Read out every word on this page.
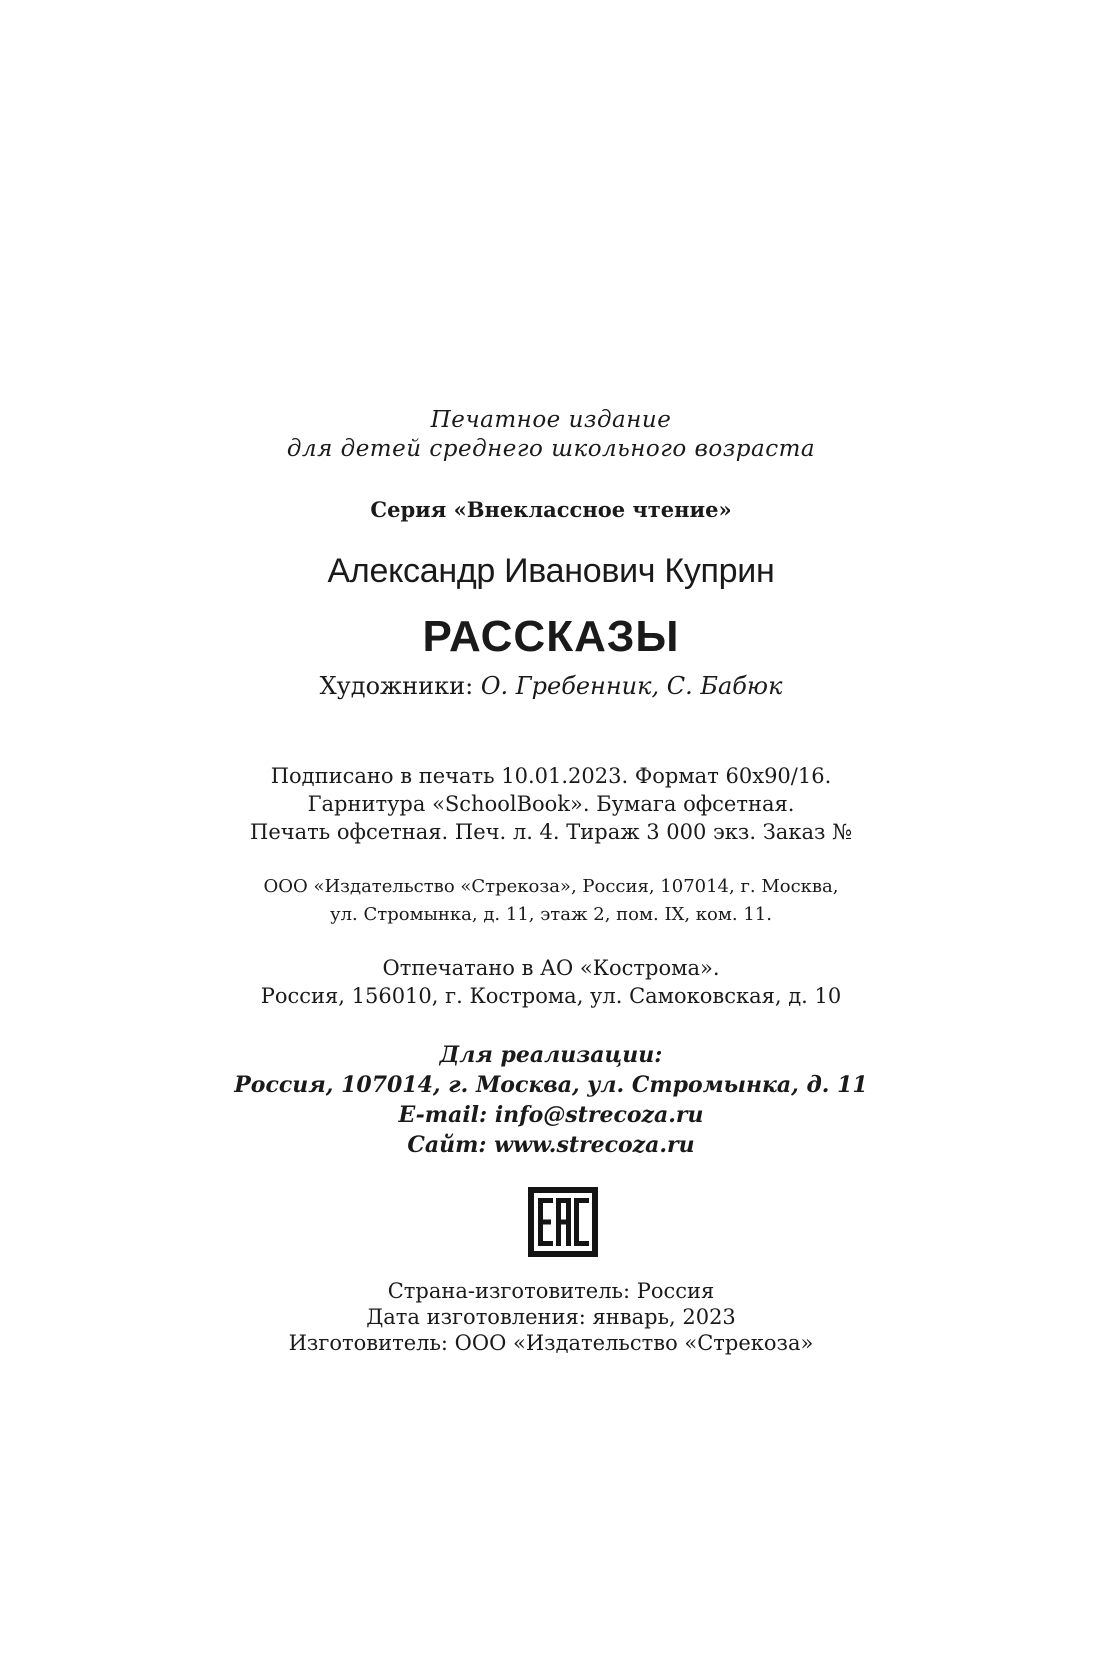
Печатное издание
для детей среднего школьного возраста
Серия «Внеклассное чтение»
Александр Иванович Куприн
РАССКАЗЫ
Художники: О. Гребенник, С. Бабюк
Подписано в печать 10.01.2023. Формат 60х90/16.
Гарнитура «SchoolBook». Бумага офсетная.
Печать офсетная. Печ. л. 4. Тираж 3 000 экз. Заказ №
ООО «Издательство «Стрекоза», Россия, 107014, г. Москва,
ул. Стромынка, д. 11, этаж 2, пом. IX, ком. 11.
Отпечатано в АО «Кострома».
Россия, 156010, г. Кострома, ул. Самоковская, д. 10
Для реализации:
Россия, 107014, г. Москва, ул. Стромынка, д. 11
E-mail: info@strecoza.ru
Сайт: www.strecoza.ru
Страна-изготовитель: Россия
Дата изготовления: январь, 2023
Изготовитель: ООО «Издательство «Стрекоза»
